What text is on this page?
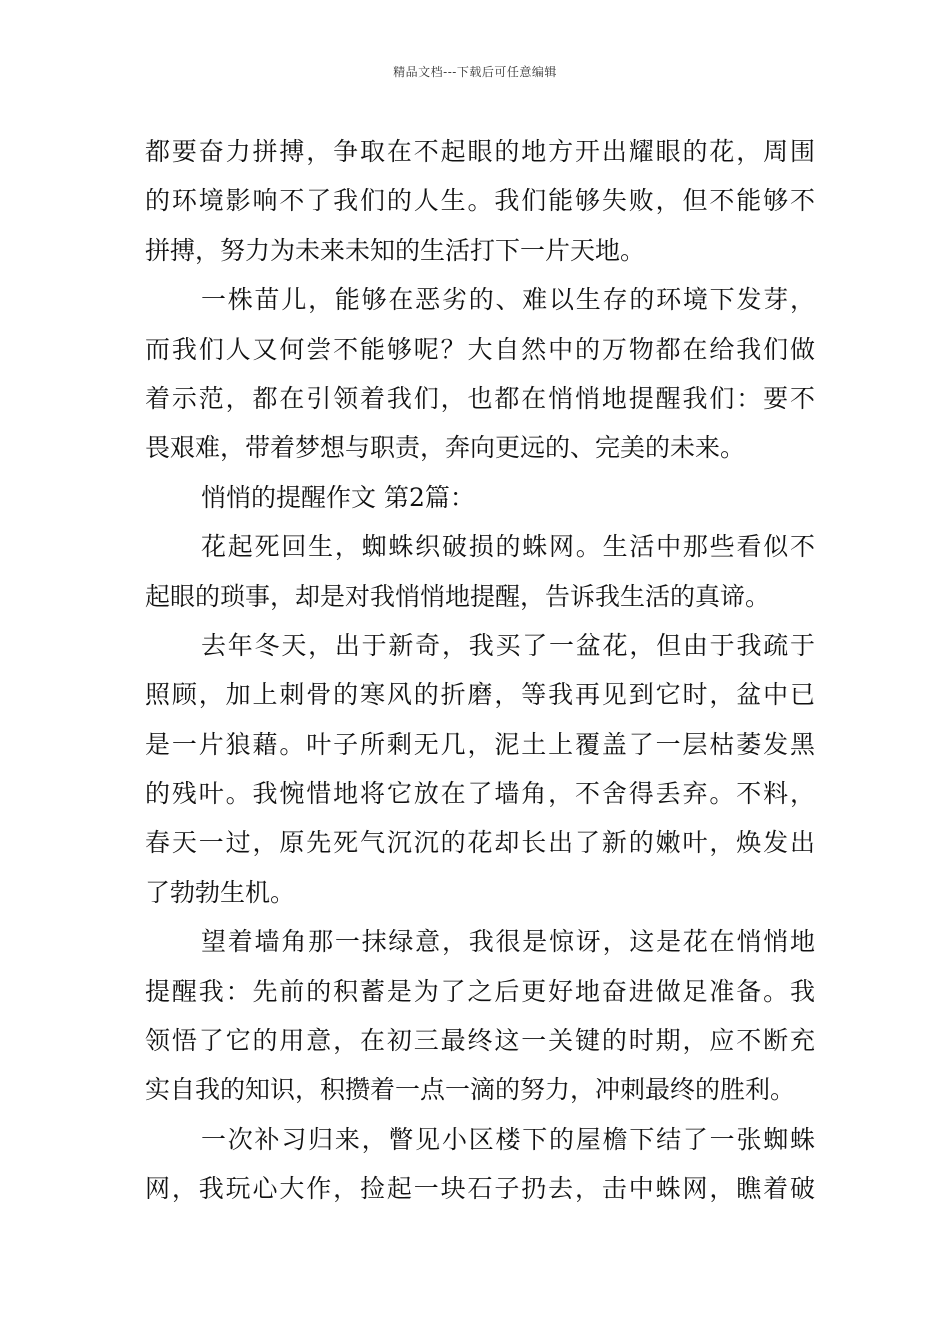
精品文档---下载后可任意编辑
都要奋力拼搏，争取在不起眼的地方开出耀眼的花，周围
的环境影响不了我们的人生。我们能够失败，但不能够不
拼搏，努力为未来未知的生活打下一片天地。
一株苗儿，能够在恶劣的、难以生存的环境下发芽，
而我们人又何尝不能够呢？大自然中的万物都在给我们做
着示范，都在引领着我们，也都在悄悄地提醒我们：要不
畏艰难，带着梦想与职责，奔向更远的、完美的未来。
悄悄的提醒作文 第2篇：
花起死回生，蜘蛛织破损的蛛网。生活中那些看似不
起眼的琐事，却是对我悄悄地提醒，告诉我生活的真谛。
去年冬天，出于新奇，我买了一盆花，但由于我疏于
照顾，加上刺骨的寒风的折磨，等我再见到它时，盆中已
是一片狼藉。叶子所剩无几，泥土上覆盖了一层枯萎发黑
的残叶。我惋惜地将它放在了墙角，不舍得丢弃。不料，
春天一过，原先死气沉沉的花却长出了新的嫩叶，焕发出
了勃勃生机。
望着墙角那一抹绿意，我很是惊讶，这是花在悄悄地
提醒我：先前的积蓄是为了之后更好地奋进做足准备。我
领悟了它的用意，在初三最终这一关键的时期，应不断充
实自我的知识，积攒着一点一滴的努力，冲刺最终的胜利。
一次补习归来，瞥见小区楼下的屋檐下结了一张蜘蛛
网，我玩心大作，捡起一块石子扔去，击中蛛网，瞧着破
